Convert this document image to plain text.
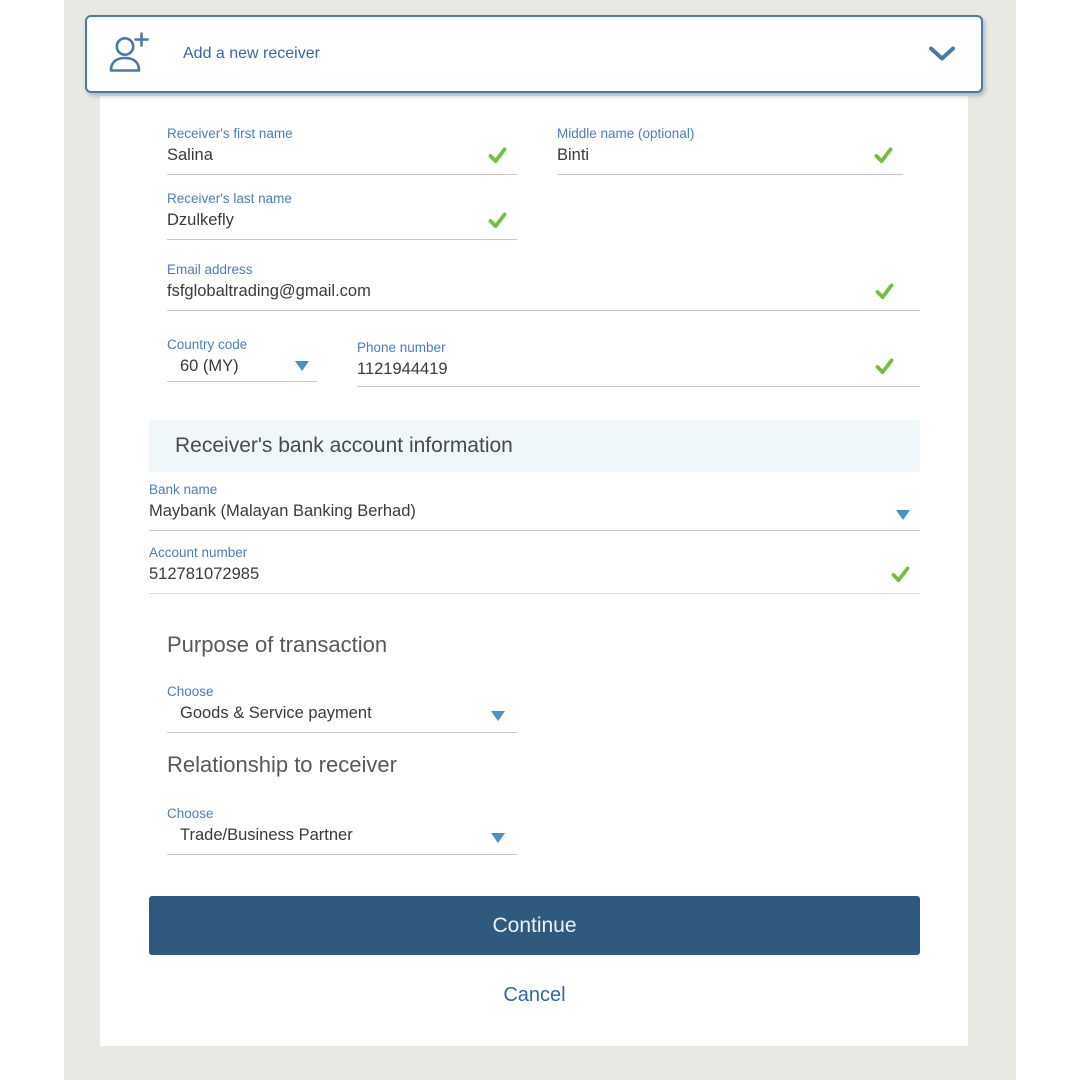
Add a new receiver
Receiver's first name
Salina
Middle name (optional)
Binti
Receiver's last name
Dzulkefly
Email address
fsfglobaltrading@gmail.com
Country code
60 (MY)
Phone number
1121944419
Receiver's bank account information
Bank name
Maybank (Malayan Banking Berhad)
Account number
512781072985
Purpose of transaction
Choose
Goods & Service payment
Relationship to receiver
Choose
Trade/Business Partner
Continue
Cancel
